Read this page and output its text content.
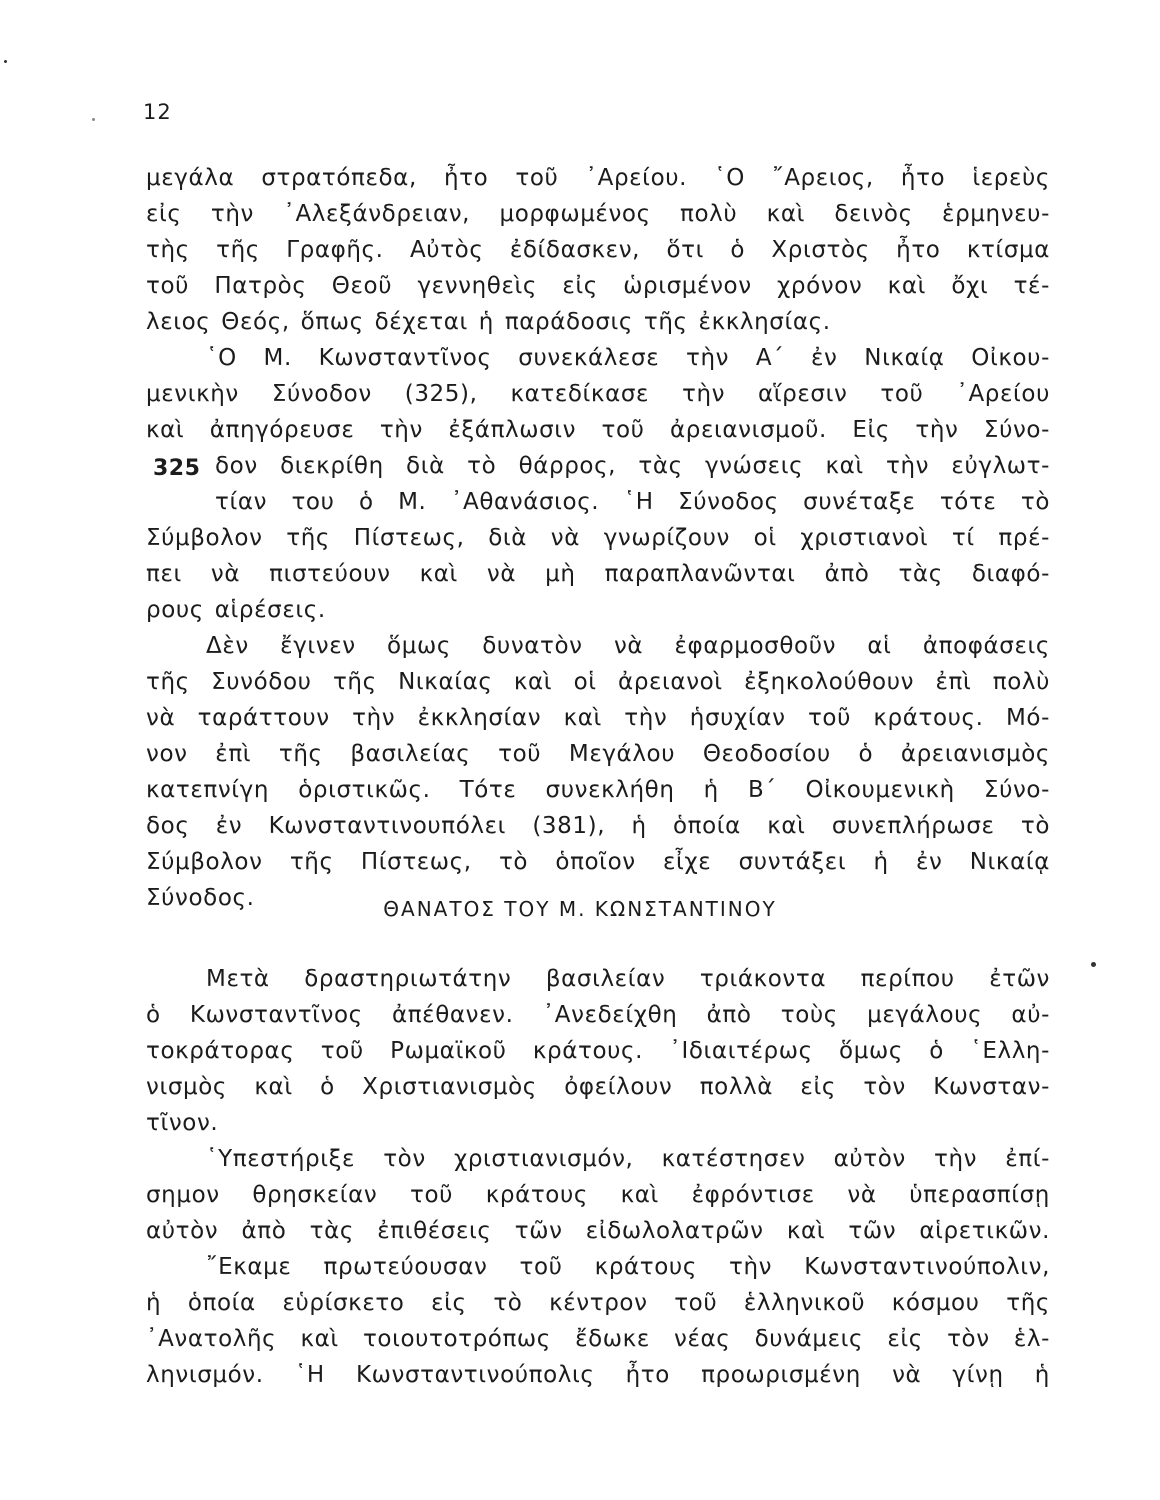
12
μεγάλα στρατόπεδα, ἦτο τοῦ ᾿Αρείου. ῾Ο ῎Αρειος, ἦτο ἱερεὺς
εἰς τὴν ᾿Αλεξάνδρειαν, μορφωμένος πολὺ καὶ δεινὸς ἑρμηνευ-
τὴς τῆς Γραφῆς. Αὐτὸς ἐδίδασκεν, ὅτι ὁ Χριστὸς ἦτο κτίσμα
τοῦ Πατρὸς Θεοῦ γεννηθεὶς εἰς ὡρισμένον χρόνον καὶ ὄχι τέ-
λειος Θεός, ὅπως δέχεται ἡ παράδοσις τῆς ἐκκλησίας.
῾Ο Μ. Κωνσταντῖνος συνεκάλεσε τὴν Α΄ ἐν Νικαίᾳ Οἰκου-
μενικὴν Σύνοδον (325), κατεδίκασε τὴν αἵρεσιν τοῦ ᾿Αρείου
καὶ ἀπηγόρευσε τὴν ἐξάπλωσιν τοῦ ἀρειανισμοῦ. Εἰς τὴν Σύνο-
325 δον διεκρίθη διὰ τὸ θάρρος, τὰς γνώσεις καὶ τὴν εὐγλωτ-
τίαν του ὁ Μ. ᾿Αθανάσιος. ῾Η Σύνοδος συνέταξε τότε τὸ
Σύμβολον τῆς Πίστεως, διὰ νὰ γνωρίζουν οἱ χριστιανοὶ τί πρέ-
πει νὰ πιστεύουν καὶ νὰ μὴ παραπλανῶνται ἀπὸ τὰς διαφό-
ρους αἱρέσεις.
Δὲν ἔγινεν ὅμως δυνατὸν νὰ ἐφαρμοσθοῦν αἱ ἀποφάσεις
τῆς Συνόδου τῆς Νικαίας καὶ οἱ ἀρειανοὶ ἐξηκολούθουν ἐπὶ πολὺ
νὰ ταράττουν τὴν ἐκκλησίαν καὶ τὴν ἡσυχίαν τοῦ κράτους. Μό-
νον ἐπὶ τῆς βασιλείας τοῦ Μεγάλου Θεοδοσίου ὁ ἀρειανισμὸς
κατεπνίγη ὁριστικῶς. Τότε συνεκλήθη ἡ Β΄ Οἰκουμενικὴ Σύνο-
δος ἐν Κωνσταντινουπόλει (381), ἡ ὁποία καὶ συνεπλήρωσε τὸ
Σύμβολον τῆς Πίστεως, τὸ ὁποῖον εἶχε συντάξει ἡ ἐν Νικαίᾳ
Σύνοδος.	ΘΑΝΑΤΟΣ ΤΟΥ Μ. ΚΩΝΣΤΑΝΤΙΝΟΥ
Μετὰ δραστηριωτάτην βασιλείαν τριάκοντα περίπου ἐτῶν
ὁ Κωνσταντῖνος ἀπέθανεν. ᾿Ανεδείχθη ἀπὸ τοὺς μεγάλους αὐ-
τοκράτορας τοῦ Ρωμαϊκοῦ κράτους. ᾿Ιδιαιτέρως ὅμως ὁ ῾Ελλη-
νισμὸς καὶ ὁ Χριστιανισμὸς ὀφείλουν πολλὰ εἰς τὸν Κωνσταν-
τῖνον.
῾Υπεστήριξε τὸν χριστιανισμόν, κατέστησεν αὐτὸν τὴν ἐπί-
σημον θρησκείαν τοῦ κράτους καὶ ἐφρόντισε νὰ ὑπερασπίσῃ
αὐτὸν ἀπὸ τὰς ἐπιθέσεις τῶν εἰδωλολατρῶν καὶ τῶν αἱρετικῶν.
῎Εκαμε πρωτεύουσαν τοῦ κράτους τὴν Κωνσταντινούπολιν,
ἡ ὁποία εὑρίσκετο εἰς τὸ κέντρον τοῦ ἑλληνικοῦ κόσμου τῆς
᾿Ανατολῆς καὶ τοιουτοτρόπως ἔδωκε νέας δυνάμεις εἰς τὸν ἑλ-
ληνισμόν. ῾Η Κωνσταντινούπολις ἦτο προωρισμένη νὰ γίνῃ ἡ
